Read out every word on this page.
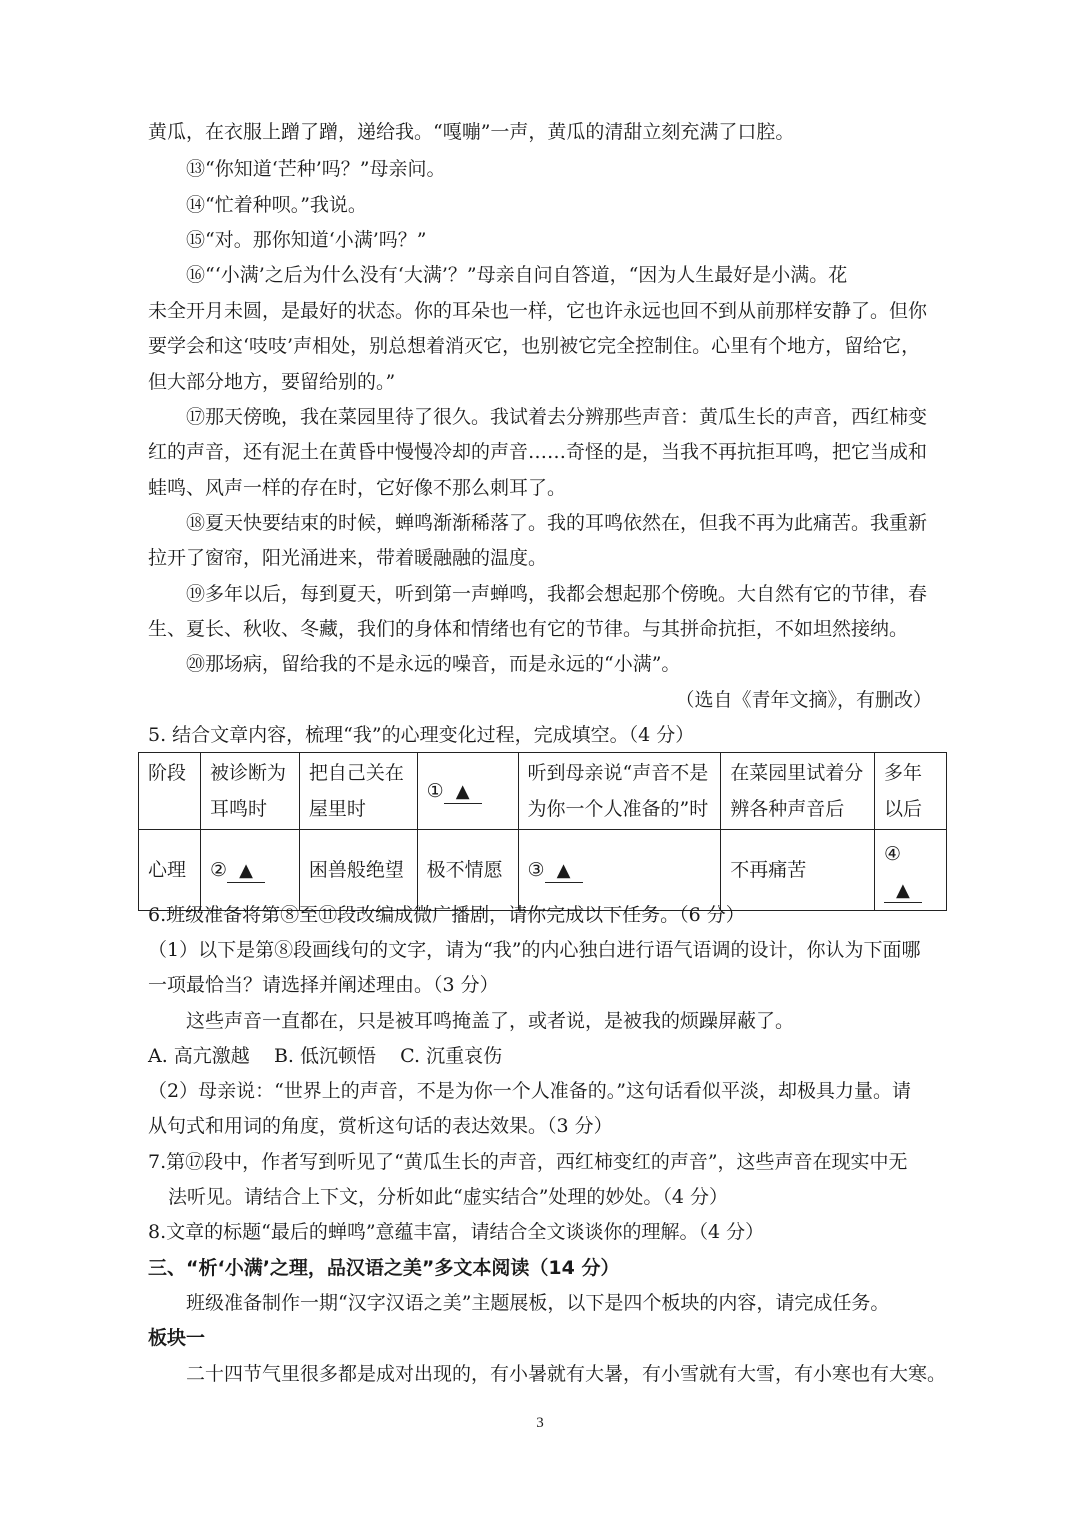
黄瓜，在衣服上蹭了蹭，递给我。“嘎嘣”一声，黄瓜的清甜立刻充满了口腔。
⑬“你知道‘芒种’吗？”母亲问。
⑭“忙着种呗。”我说。
⑮“对。那你知道‘小满’吗？”
⑯“‘小满’之后为什么没有‘大满’？”母亲自问自答道，“因为人生最好是小满。花
未全开月未圆，是最好的状态。你的耳朵也一样，它也许永远也回不到从前那样安静了。但你
要学会和这‘吱吱’声相处，别总想着消灭它，也别被它完全控制住。心里有个地方，留给它，
但大部分地方，要留给别的。”
⑰那天傍晚，我在菜园里待了很久。我试着去分辨那些声音：黄瓜生长的声音，西红柿变
红的声音，还有泥土在黄昏中慢慢冷却的声音……奇怪的是，当我不再抗拒耳鸣，把它当成和
蛙鸣、风声一样的存在时，它好像不那么刺耳了。
⑱夏天快要结束的时候，蝉鸣渐渐稀落了。我的耳鸣依然在，但我不再为此痛苦。我重新
拉开了窗帘，阳光涌进来，带着暖融融的温度。
⑲多年以后，每到夏天，听到第一声蝉鸣，我都会想起那个傍晚。大自然有它的节律，春
生、夏长、秋收、冬藏，我们的身体和情绪也有它的节律。与其拼命抗拒，不如坦然接纳。
⑳那场病，留给我的不是永远的噪音，而是永远的“小满”。
（选自《青年文摘》，有删改）
5. 结合文章内容，梳理“我”的心理变化过程，完成填空。（4 分）
阶段	被诊断为耳鸣时	把自己关在屋里时	① ▲	听到母亲说“声音不是为你一个人准备的”时	在菜园里试着分辨各种声音后	多年以后
心理	② ▲	困兽般绝望	极不情愿	③ ▲	不再痛苦	④▲
6.班级准备将第⑧至⑪段改编成微广播剧，请你完成以下任务。（6 分）
（1）以下是第⑧段画线句的文字，请为“我”的内心独白进行语气语调的设计，你认为下面哪
一项最恰当？请选择并阐述理由。（3 分）
这些声音一直都在，只是被耳鸣掩盖了，或者说，是被我的烦躁屏蔽了。
A. 高亢激越    B. 低沉顿悟    C. 沉重哀伤
（2）母亲说：“世界上的声音，不是为你一个人准备的。”这句话看似平淡，却极具力量。请
从句式和用词的角度，赏析这句话的表达效果。（3 分）
7.第⑰段中，作者写到听见了“黄瓜生长的声音，西红柿变红的声音”，这些声音在现实中无
法听见。请结合上下文，分析如此“虚实结合”处理的妙处。（4 分）
8.文章的标题“最后的蝉鸣”意蕴丰富，请结合全文谈谈你的理解。（4 分）
三、“析‘小满’之理，品汉语之美”多文本阅读（14 分）
班级准备制作一期“汉字汉语之美”主题展板，以下是四个板块的内容，请完成任务。
板块一
二十四节气里很多都是成对出现的，有小暑就有大暑，有小雪就有大雪，有小寒也有大寒。
3
